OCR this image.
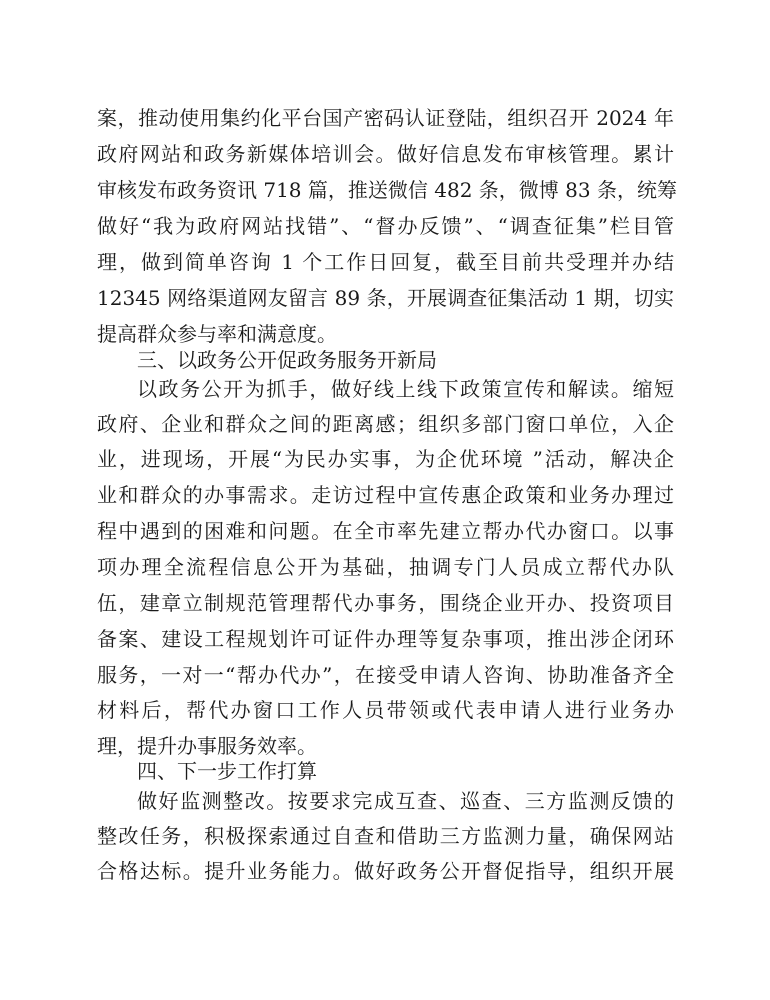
案，推动使用集约化平台国产密码认证登陆，组织召开 2024 年
政府网站和政务新媒体培训会。做好信息发布审核管理。累计
审核发布政务资讯 718 篇，推送微信 482 条，微博 83 条，统筹
做好“我为政府网站找错”、“督办反馈”、“调查征集”栏目管
理，做到简单咨询 1 个工作日回复，截至目前共受理并办结
12345 网络渠道网友留言 89 条，开展调查征集活动 1 期，切实
提高群众参与率和满意度。
三、以政务公开促政务服务开新局
以政务公开为抓手，做好线上线下政策宣传和解读。缩短
政府、企业和群众之间的距离感；组织多部门窗口单位，入企
业，进现场，开展“为民办实事，为企优环境 ”活动，解决企
业和群众的办事需求。走访过程中宣传惠企政策和业务办理过
程中遇到的困难和问题。在全市率先建立帮办代办窗口。以事
项办理全流程信息公开为基础，抽调专门人员成立帮代办队
伍，建章立制规范管理帮代办事务，围绕企业开办、投资项目
备案、建设工程规划许可证件办理等复杂事项，推出涉企闭环
服务，一对一“帮办代办”，在接受申请人咨询、协助准备齐全
材料后，帮代办窗口工作人员带领或代表申请人进行业务办
理，提升办事服务效率。
四、下一步工作打算
做好监测整改。按要求完成互查、巡查、三方监测反馈的
整改任务，积极探索通过自查和借助三方监测力量，确保网站
合格达标。提升业务能力。做好政务公开督促指导，组织开展
